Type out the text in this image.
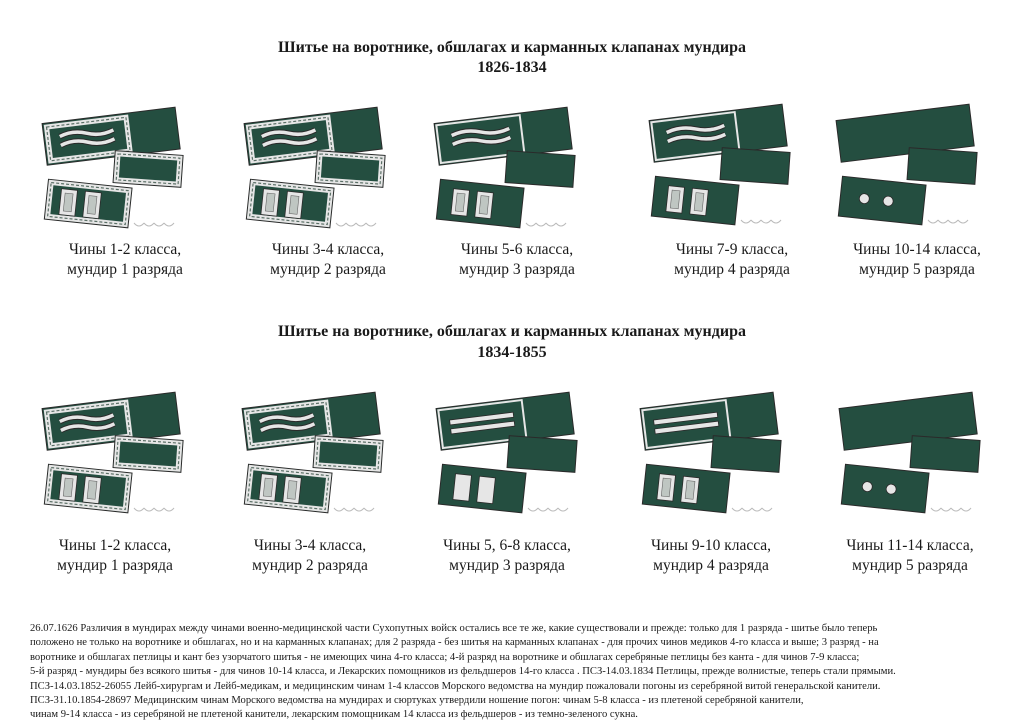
Шитье на воротнике, обшлагах и карманных клапанах мундира
1826-1834
Чины 1-2 класса,
мундир 1 разряда
Чины 3-4 класса,
мундир 2 разряда
Чины 5-6 класса,
мундир 3 разряда
Чины 7-9 класса,
мундир 4 разряда
Чины 10-14 класса,
мундир 5 разряда
Шитье на воротнике, обшлагах и карманных клапанах мундира
1834-1855
Чины 1-2 класса,
мундир 1 разряда
Чины 3-4 класса,
мундир 2 разряда
Чины 5, 6-8 класса,
мундир 3 разряда
Чины 9-10 класса,
мундир 4 разряда
Чины 11-14 класса,
мундир 5 разряда
26.07.1626 Различия в мундирах между чинами военно-медицинской части Сухопутных войск остались все те же, какие существовали и прежде: только для 1 разряда - шитье было теперь
положено не только на воротнике и обшлагах, но и на карманных клапанах; для 2 разряда - без шитья на карманных клапанах - для прочих чинов медиков 4-го класса и выше; 3 разряд - на
воротнике и обшлагах петлицы и кант без узорчатого шитья - не имеющих чина 4-го класса; 4-й разряд на воротнике и обшлагах серебряные петлицы без канта - для чинов 7-9 класса;
5-й разряд - мундиры без всякого шитья - для чинов 10-14 класса, и Лекарских помощников из фельдшеров 14-го класса . ПСЗ-14.03.1834 Петлицы, прежде волнистые, теперь стали прямыми.
ПСЗ-14.03.1852-26055 Лейб-хирургам и Лейб-медикам, и медицинским чинам 1-4 классов Морского ведомства на мундир пожаловали погоны из серебряной витой генеральской канители.
ПСЗ-31.10.1854-28697 Медицинским чинам Морского ведомства на мундирах и сюртуках утвердили ношение погон: чинам 5-8 класса - из плетеной серебряной канители,
чинам 9-14 класса - из серебряной не плетеной канители, лекарским помощникам 14 класса из фельдшеров - из темно-зеленого сукна.
